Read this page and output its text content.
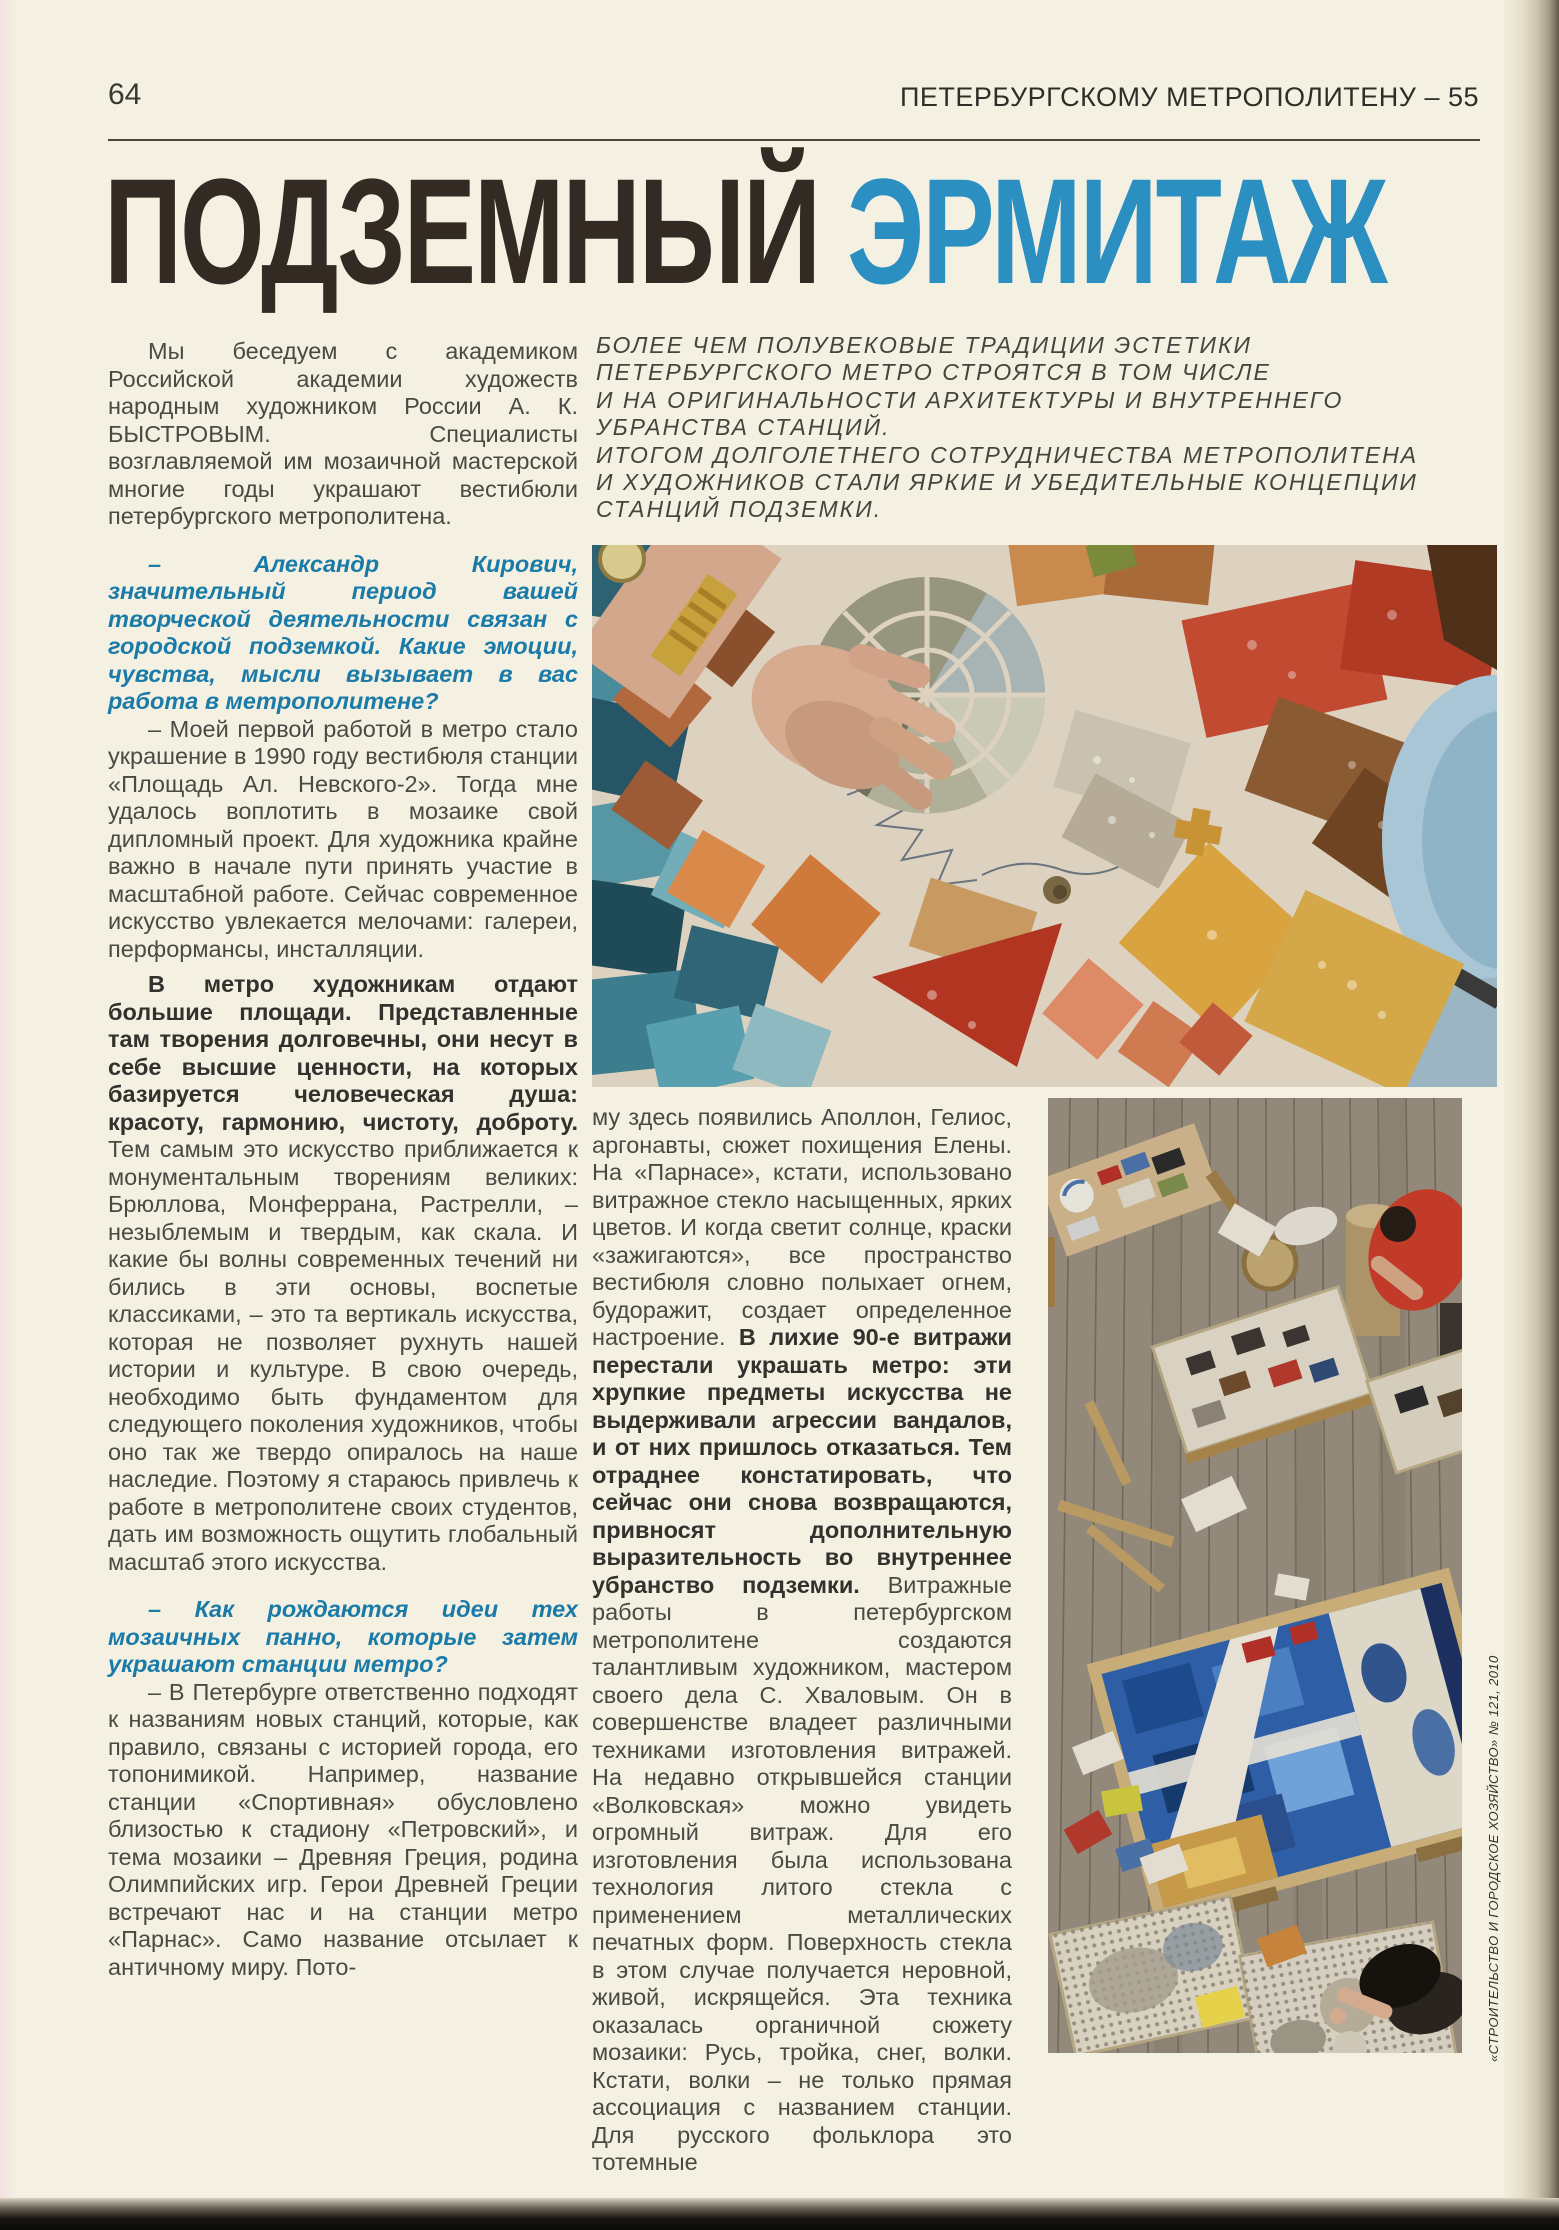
64	ПЕТЕРБУРГСКОМУ МЕТРОПОЛИТЕНУ – 55
ПОДЗЕМНЫЙ ЭРМИТАЖ
БОЛЕЕ ЧЕМ ПОЛУВЕКОВЫЕ ТРАДИЦИИ ЭСТЕТИКИ
ПЕТЕРБУРГСКОГО МЕТРО СТРОЯТСЯ В ТОМ ЧИСЛЕ
И НА ОРИГИНАЛЬНОСТИ АРХИТЕКТУРЫ И ВНУТРЕННЕГО
УБРАНСТВА СТАНЦИЙ.
ИТОГОМ ДОЛГОЛЕТНЕГО СОТРУДНИЧЕСТВА МЕТРОПОЛИТЕНА
И ХУДОЖНИКОВ СТАЛИ ЯРКИЕ И УБЕДИТЕЛЬНЫЕ КОНЦЕПЦИИ
СТАНЦИЙ ПОДЗЕМКИ.

Мы беседуем с академиком Российской академии художеств народным художником России А. К. БЫСТРОВЫМ. Специалисты возглавляемой им мозаичной мастерской многие годы украшают вестибюли петербургского метрополитена.

– Александр Кирович, значительный период вашей творческой деятельности связан с городской подземкой. Какие эмоции, чувства, мысли вызывает в вас работа в метрополитене?

– Моей первой работой в метро стало украшение в 1990 году вестибюля станции «Площадь Ал. Невского-2». Тогда мне удалось воплотить в мозаике свой дипломный проект. Для художника крайне важно в начале пути принять участие в масштабной работе. Сейчас современное искусство увлекается мелочами: галереи, перформансы, инсталляции.

В метро художникам отдают большие площади. Представленные там творения долговечны, они несут в себе высшие ценности, на которых базируется человеческая душа: красоту, гармонию, чистоту, доброту. Тем самым это искусство приближается к монументальным творениям великих: Брюллова, Монферрана, Растрелли, – незыблемым и твердым, как скала. И какие бы волны современных течений ни бились в эти основы, воспетые классиками, – это та вертикаль искусства, которая не позволяет рухнуть нашей истории и культуре. В свою очередь, необходимо быть фундаментом для следующего поколения художников, чтобы оно так же твердо опиралось на наше наследие. Поэтому я стараюсь привлечь к работе в метрополитене своих студентов, дать им возможность ощутить глобальный масштаб этого искусства.

– Как рождаются идеи тех мозаичных панно, которые затем украшают станции метро?

– В Петербурге ответственно подходят к названиям новых станций, которые, как правило, связаны с историей города, его топонимикой. Например, название станции «Спортивная» обусловлено близостью к стадиону «Петровский», и тема мозаики – Древняя Греция, родина Олимпийских игр. Герои Древней Греции встречают нас и на станции метро «Парнас». Само название отсылает к античному миру. Пото-

му здесь появились Аполлон, Гелиос, аргонавты, сюжет похищения Елены. На «Парнасе», кстати, использовано витражное стекло насыщенных, ярких цветов. И когда светит солнце, краски «зажигаются», все пространство вестибюля словно полыхает огнем, будоражит, создает определенное настроение. В лихие 90-е витражи перестали украшать метро: эти хрупкие предметы искусства не выдерживали агрессии вандалов, и от них пришлось отказаться. Тем отраднее констатировать, что сейчас они снова возвращаются, привносят дополнительную выразительность во внутреннее убранство подземки. Витражные работы в петербургском метрополитене создаются талантливым художником, мастером своего дела С. Хваловым. Он в совершенстве владеет различными техниками изготовления витражей. На недавно открывшейся станции «Волковская» можно увидеть огромный витраж. Для его изготовления была использована технология литого стекла с применением металлических печатных форм. Поверхность стекла в этом случае получается неровной, живой, искрящейся. Эта техника оказалась органичной сюжету мозаики: Русь, тройка, снег, волки. Кстати, волки – не только прямая ассоциация с названием станции. Для русского фольклора это тотемные

«СТРОИТЕЛЬСТВО И ГОРОДСКОЕ ХОЗЯЙСТВО» № 121, 2010
